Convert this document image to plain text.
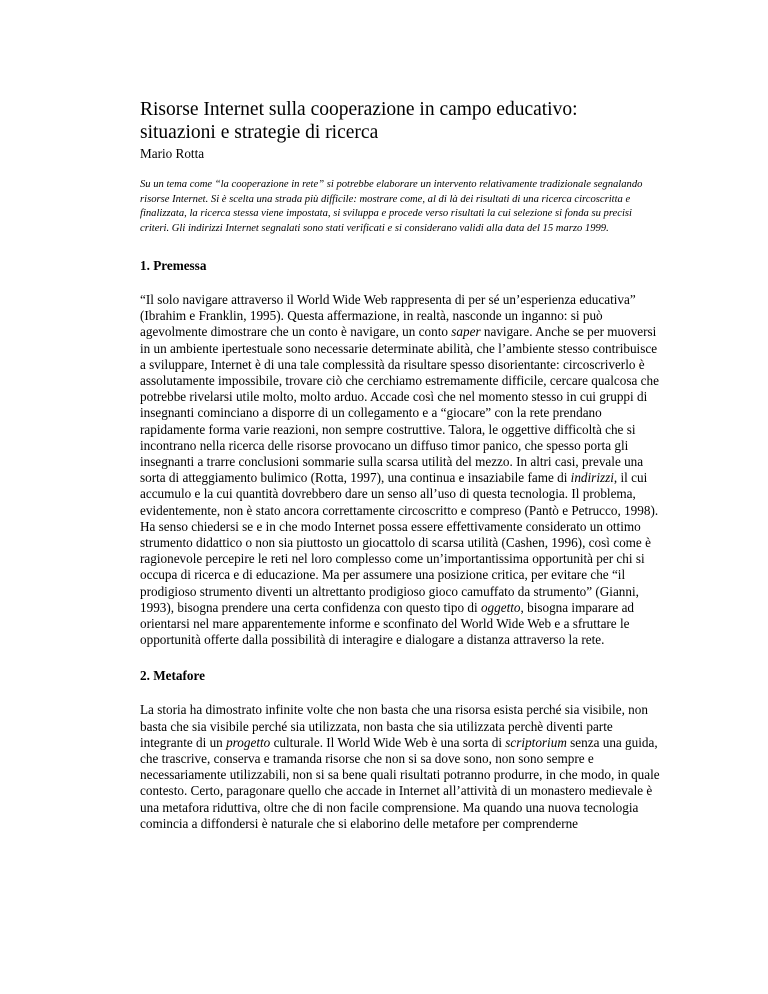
Risorse Internet sulla cooperazione in campo educativo:
situazioni e strategie di ricerca

Mario Rotta

Su un tema come “la cooperazione in rete” si potrebbe elaborare un intervento relativamente tradizionale segnalando risorse Internet. Si è scelta una strada più difficile: mostrare come, al di là dei risultati di una ricerca circoscritta e finalizzata, la ricerca stessa viene impostata, si sviluppa e procede verso risultati la cui selezione si fonda su precisi criteri. Gli indirizzi Internet segnalati sono stati verificati e si considerano validi alla data del 15 marzo 1999.

1. Premessa

“Il solo navigare attraverso il World Wide Web rappresenta di per sé un’esperienza educativa” (Ibrahim e Franklin, 1995). Questa affermazione, in realtà, nasconde un inganno: si può agevolmente dimostrare che un conto è navigare, un conto saper navigare. Anche se per muoversi in un ambiente ipertestuale sono necessarie determinate abilità, che l’ambiente stesso contribuisce a sviluppare, Internet è di una tale complessità da risultare spesso disorientante: circoscriverlo è assolutamente impossibile, trovare ciò che cerchiamo estremamente difficile, cercare qualcosa che potrebbe rivelarsi utile molto, molto arduo. Accade così che nel momento stesso in cui gruppi di insegnanti cominciano a disporre di un collegamento e a “giocare” con la rete prendano rapidamente forma varie reazioni, non sempre costruttive. Talora, le oggettive difficoltà che si incontrano nella ricerca delle risorse provocano un diffuso timor panico, che spesso porta gli insegnanti a trarre conclusioni sommarie sulla scarsa utilità del mezzo. In altri casi, prevale una sorta di atteggiamento bulimico (Rotta, 1997), una continua e insaziabile fame di indirizzi, il cui accumulo e la cui quantità dovrebbero dare un senso all’uso di questa tecnologia. Il problema, evidentemente, non è stato ancora correttamente circoscritto e compreso (Pantò e Petrucco, 1998). Ha senso chiedersi se e in che modo Internet possa essere effettivamente considerato un ottimo strumento didattico o non sia piuttosto un giocattolo di scarsa utilità (Cashen, 1996), così come è ragionevole percepire le reti nel loro complesso come un’importantissima opportunità per chi si occupa di ricerca e di educazione. Ma per assumere una posizione critica, per evitare che “il prodigioso strumento diventi un altrettanto prodigioso gioco camuffato da strumento” (Gianni, 1993), bisogna prendere una certa confidenza con questo tipo di oggetto, bisogna imparare ad orientarsi nel mare apparentemente informe e sconfinato del World Wide Web e a sfruttare le opportunità offerte dalla possibilità di interagire e dialogare a distanza attraverso la rete.

2. Metafore

La storia ha dimostrato infinite volte che non basta che una risorsa esista perché sia visibile, non basta che sia visibile perché sia utilizzata, non basta che sia utilizzata perchè diventi parte integrante di un progetto culturale. Il World Wide Web è una sorta di scriptorium senza una guida, che trascrive, conserva e tramanda risorse che non si sa dove sono, non sono sempre e necessariamente utilizzabili, non si sa bene quali risultati potranno produrre, in che modo, in quale contesto. Certo, paragonare quello che accade in Internet all’attività di un monastero medievale è una metafora riduttiva, oltre che di non facile comprensione. Ma quando una nuova tecnologia comincia a diffondersi è naturale che si elaborino delle metafore per comprenderne
